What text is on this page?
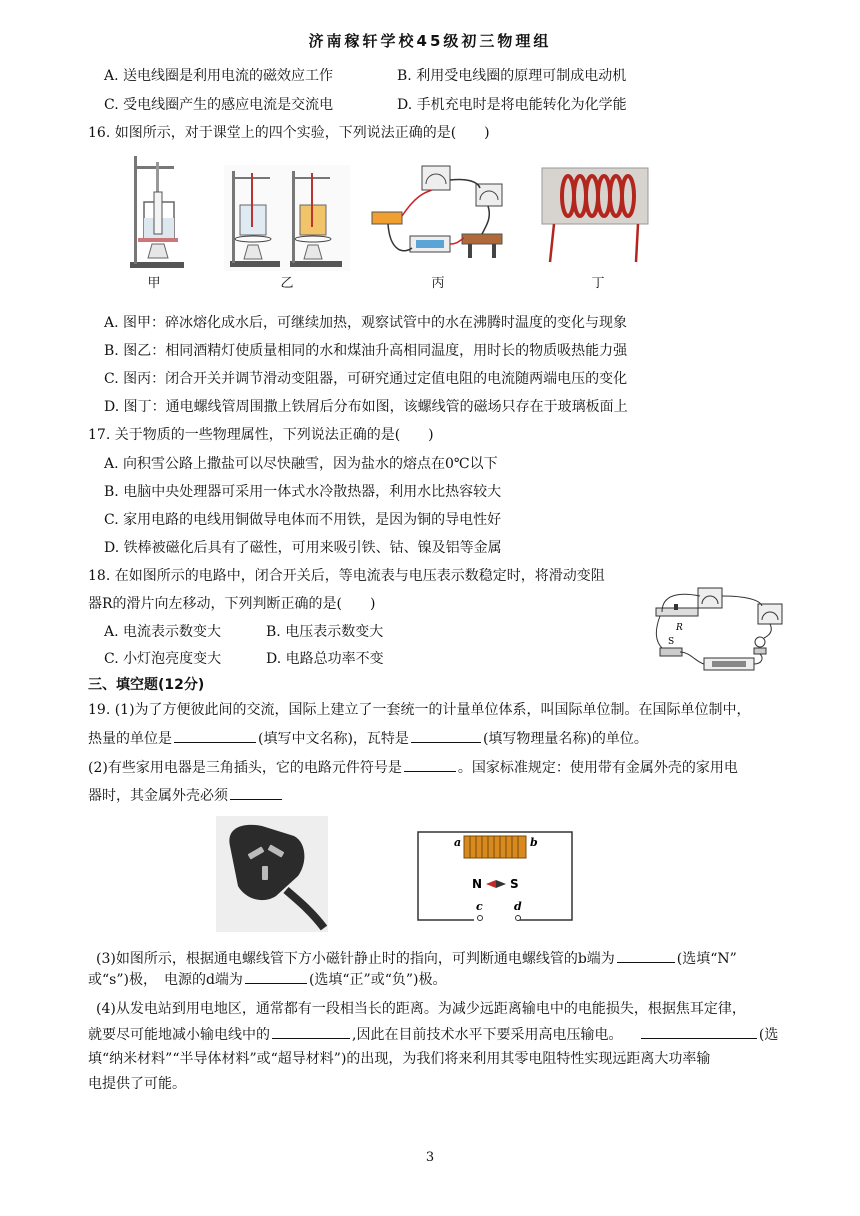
济南稼轩学校45级初三物理组
A. 送电线圈是利用电流的磁效应工作	B. 利用受电线圈的原理可制成电动机
C. 受电线圈产生的感应电流是交流电	D. 手机充电时是将电能转化为化学能
16. 如图所示，对于课堂上的四个实验，下列说法正确的是(　　)
甲	乙	丙	丁
A. 图甲：碎冰熔化成水后，可继续加热，观察试管中的水在沸腾时温度的变化与现象
B. 图乙：相同酒精灯使质量相同的水和煤油升高相同温度，用时长的物质吸热能力强
C. 图丙：闭合开关并调节滑动变阻器，可研究通过定值电阻的电流随两端电压的变化
D. 图丁：通电螺线管周围撒上铁屑后分布如图，该螺线管的磁场只存在于玻璃板面上
17. 关于物质的一些物理属性，下列说法正确的是(　　)
A. 向积雪公路上撒盐可以尽快融雪，因为盐水的熔点在0℃以下
B. 电脑中央处理器可采用一体式水冷散热器，利用水比热容较大
C. 家用电路的电线用铜做导电体而不用铁，是因为铜的导电性好
D. 铁棒被磁化后具有了磁性，可用来吸引铁、钴、镍及铝等金属
18. 在如图所示的电路中，闭合开关后，等电流表与电压表示数稳定时，将滑动变阻
器R的滑片向左移动，下列判断正确的是(　　)
A. 电流表示数变大	B. 电压表示数变大
C. 小灯泡亮度变大	D. 电路总功率不变
R
S
三、填空题(12分)
19. (1)为了方便彼此间的交流，国际上建立了一套统一的计量单位体系，叫国际单位制。在国际单位制中，
热量的单位是	(填写中文名称)，瓦特是	(填写物理量名称)的单位。
(2)有些家用电器是三角插头，它的电路元件符号是	。国家标准规定：使用带有金属外壳的家用电
器时，其金属外壳必须
a	b
N S
c	d
(3)如图所示，根据通电螺线管下方小磁针静止时的指向，可判断通电螺线管的b端为	(选填“N”
或“s”)极，　电源的d端为	(选填“正”或“负”)极。
(4)从发电站到用电地区，通常都有一段相当长的距离。为减少远距离输电中的电能损失，根据焦耳定律，
就要尽可能地减小输电线中的	,因此在目前技术水平下要采用高电压输电。	(选
填“纳米材料”“半导体材料”或“超导材料”)的出现，为我们将来利用其零电阻特性实现远距离大功率输
电提供了可能。
3
